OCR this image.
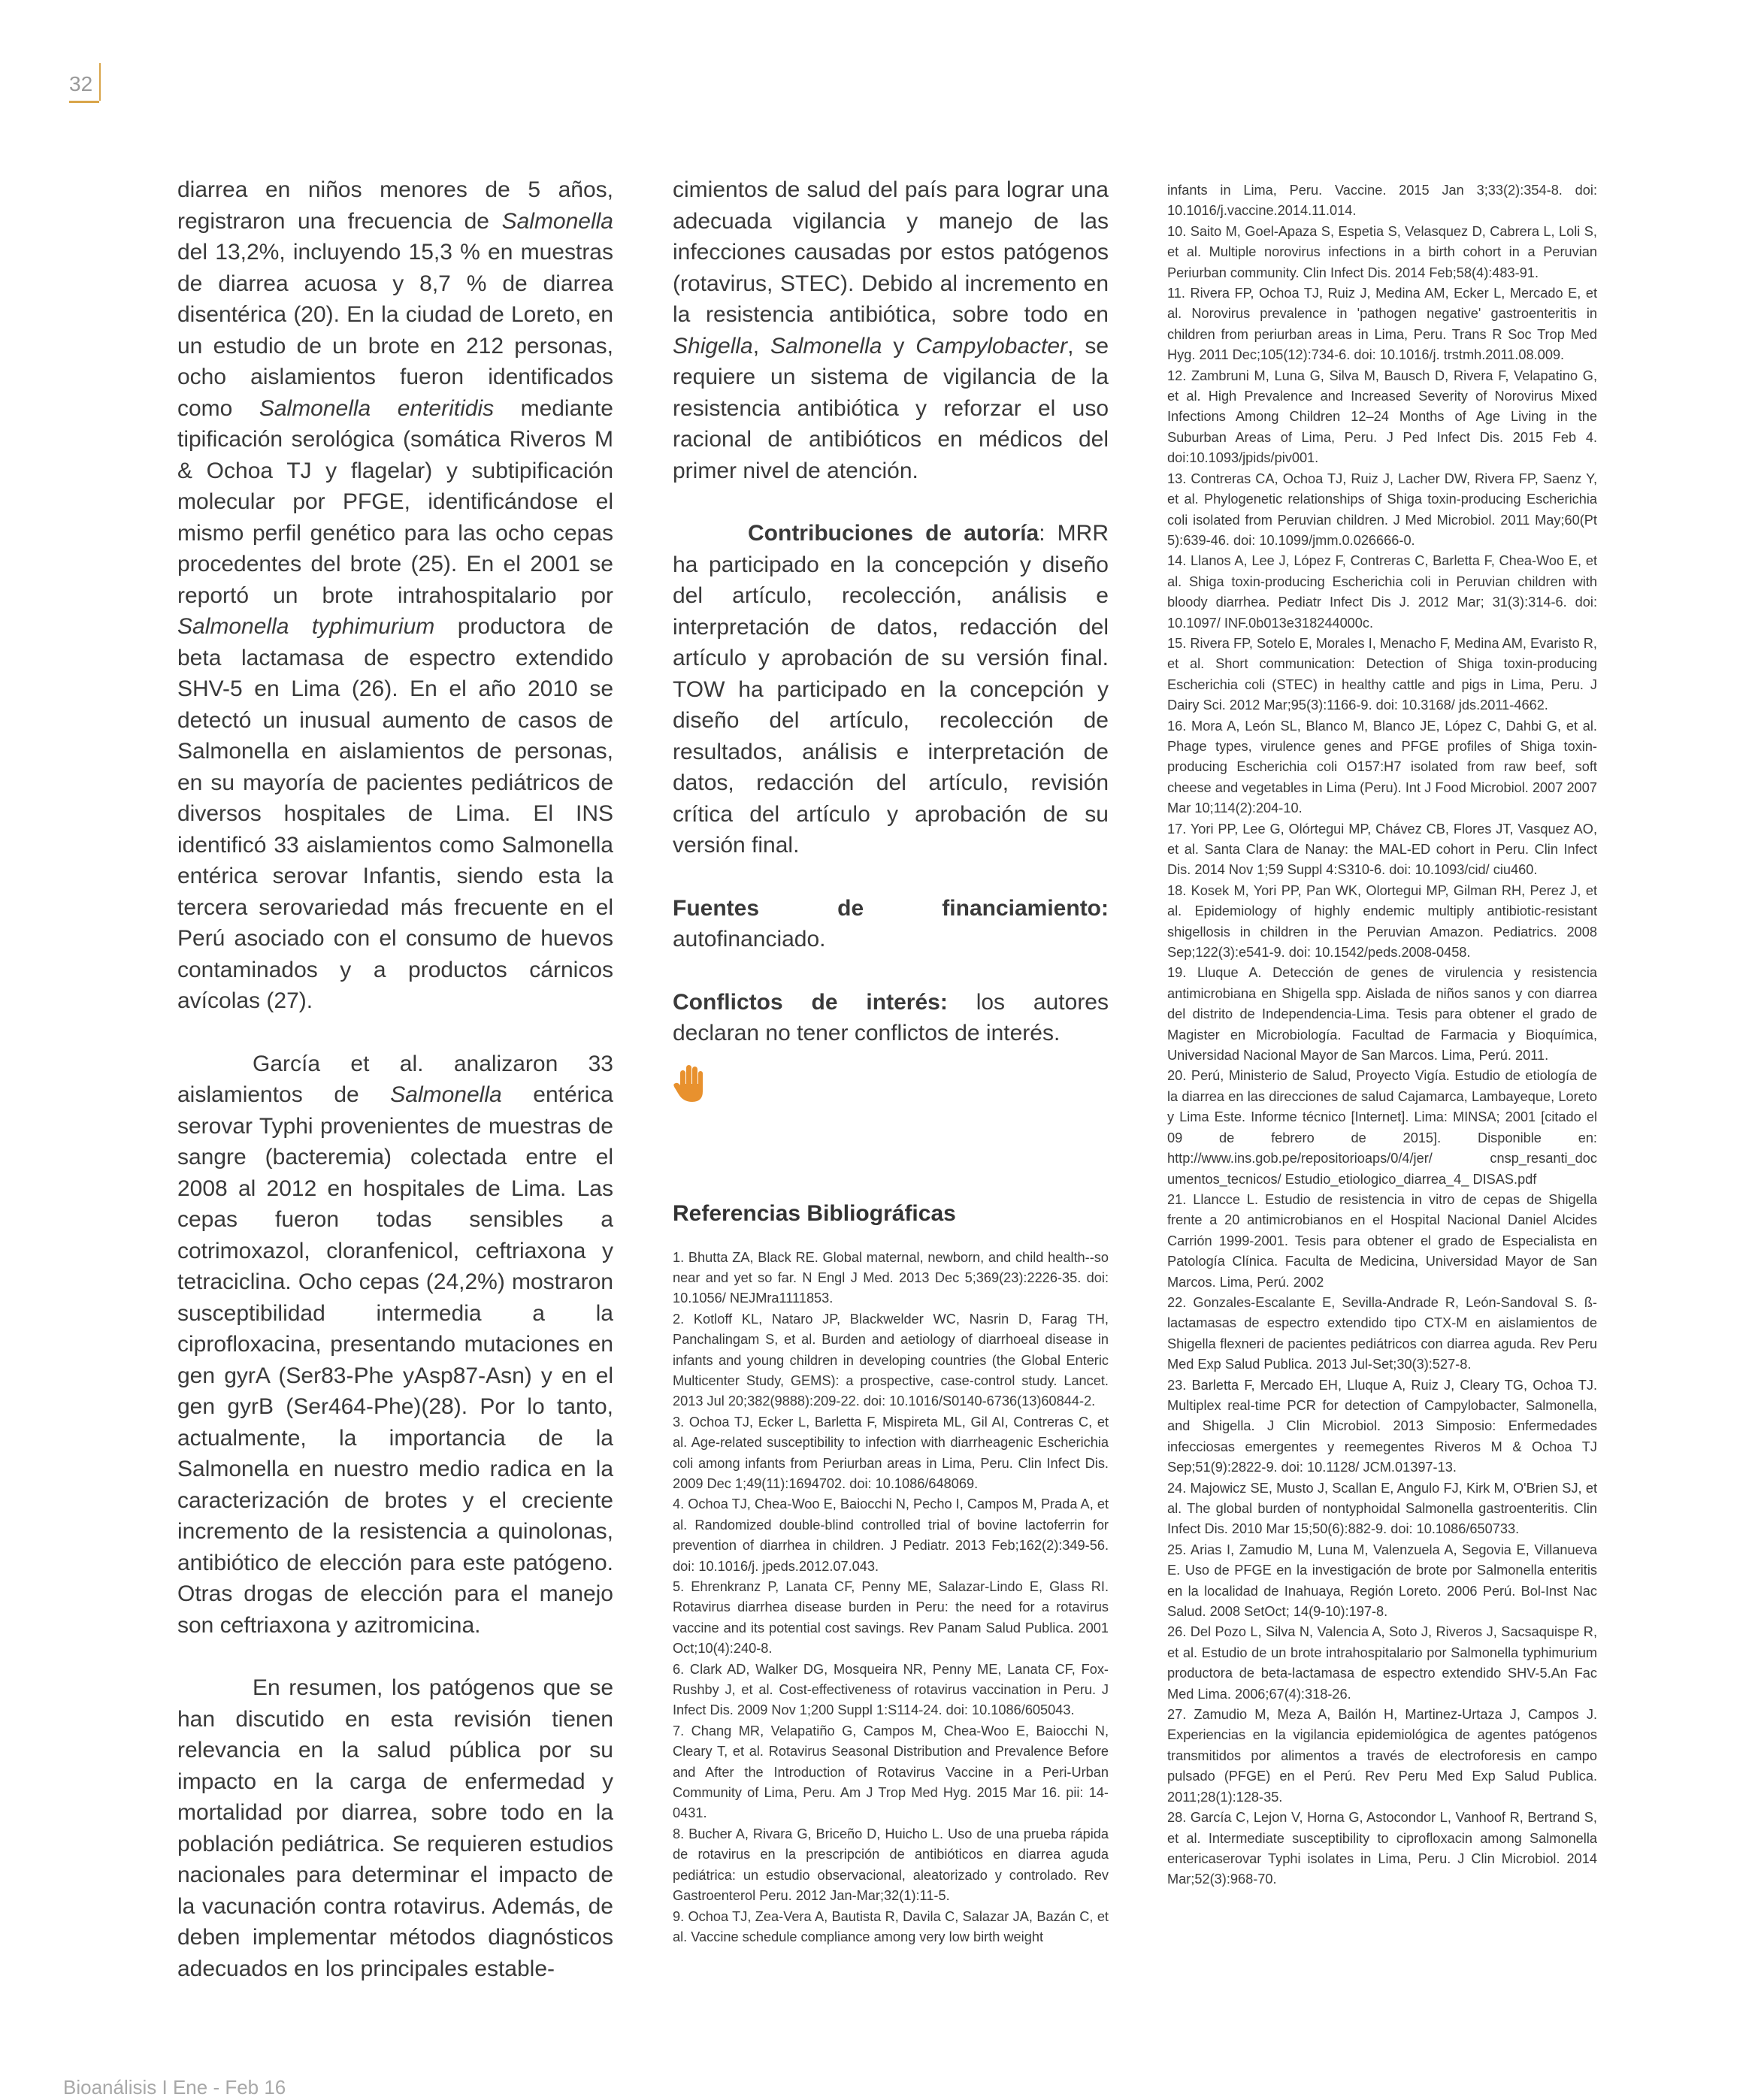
32

diarrea en niños menores de 5 años, registraron una frecuencia de Salmonella del 13,2%, incluyendo 15,3 % en muestras de diarrea acuosa y 8,7 % de diarrea disentérica (20). En la ciudad de Loreto, en un estudio de un brote en 212 personas, ocho aislamientos fueron identificados como Salmonella enteritidis mediante tipificación serológica (somática Riveros M & Ochoa TJ y flagelar) y subtipificación molecular por PFGE, identificándose el mismo perfil genético para las ocho cepas procedentes del brote (25). En el 2001 se reportó un brote intrahospitalario por Salmonella typhimurium productora de beta lactamasa de espectro extendido SHV-5 en Lima (26). En el año 2010 se detectó un inusual aumento de casos de Salmonella en aislamientos de personas, en su mayoría de pacientes pediátricos de diversos hospitales de Lima. El INS identificó 33 aislamientos como Salmonella entérica serovar Infantis, siendo esta la tercera serovariedad más frecuente en el Perú asociado con el consumo de huevos contaminados y a productos cárnicos avícolas (27).

García et al. analizaron 33 aislamientos de Salmonella entérica serovar Typhi provenientes de muestras de sangre (bacteremia) colectada entre el 2008 al 2012 en hospitales de Lima. Las cepas fueron todas sensibles a cotrimoxazol, cloranfenicol, ceftriaxona y tetraciclina. Ocho cepas (24,2%) mostraron susceptibilidad intermedia a la ciprofloxacina, presentando mutaciones en gen gyrA (Ser83-Phe yAsp87-Asn) y en el gen gyrB (Ser464-Phe)(28). Por lo tanto, actualmente, la importancia de la Salmonella en nuestro medio radica en la caracterización de brotes y el creciente incremento de la resistencia a quinolonas, antibiótico de elección para este patógeno. Otras drogas de elección para el manejo son ceftriaxona y azitromicina.

En resumen, los patógenos que se han discutido en esta revisión tienen relevancia en la salud pública por su impacto en la carga de enfermedad y mortalidad por diarrea, sobre todo en la población pediátrica. Se requieren estudios nacionales para determinar el impacto de la vacunación contra rotavirus. Además, de deben implementar métodos diagnósticos adecuados en los principales estable-

cimientos de salud del país para lograr una adecuada vigilancia y manejo de las infecciones causadas por estos patógenos (rotavirus, STEC). Debido al incremento en la resistencia antibiótica, sobre todo en Shigella, Salmonella y Campylobacter, se requiere un sistema de vigilancia de la resistencia antibiótica y reforzar el uso racional de antibióticos en médicos del primer nivel de atención.

Contribuciones de autoría: MRR ha participado en la concepción y diseño del artículo, recolección, análisis e interpretación de datos, redacción del artículo y aprobación de su versión final. TOW ha participado en la concepción y diseño del artículo, recolección de resultados, análisis e interpretación de datos, redacción del artículo, revisión crítica del artículo y aprobación de su versión final.

Fuentes de financiamiento: autofinanciado.

Conflictos de interés: los autores declaran no tener conflictos de interés.

Referencias Bibliográficas

1. Bhutta ZA, Black RE. Global maternal, newborn, and child health--so near and yet so far. N Engl J Med. 2013 Dec 5;369(23):2226-35. doi: 10.1056/ NEJMra1111853.

2. Kotloff KL, Nataro JP, Blackwelder WC, Nasrin D, Farag TH, Panchalingam S, et al. Burden and aetiology of diarrhoeal disease in infants and young children in developing countries (the Global Enteric Multicenter Study, GEMS): a prospective, case-control study. Lancet. 2013 Jul 20;382(9888):209-22. doi: 10.1016/S0140-6736(13)60844-2.

3. Ochoa TJ, Ecker L, Barletta F, Mispireta ML, Gil AI, Contreras C, et al. Age-related susceptibility to infection with diarrheagenic Escherichia coli among infants from Periurban areas in Lima, Peru. Clin Infect Dis. 2009 Dec 1;49(11):1694702. doi: 10.1086/648069.

4. Ochoa TJ, Chea-Woo E, Baiocchi N, Pecho I, Campos M, Prada A, et al. Randomized double-blind controlled trial of bovine lactoferrin for prevention of diarrhea in children. J Pediatr. 2013 Feb;162(2):349-56. doi: 10.1016/j. jpeds.2012.07.043.

5. Ehrenkranz P, Lanata CF, Penny ME, Salazar-Lindo E, Glass RI. Rotavirus diarrhea disease burden in Peru: the need for a rotavirus vaccine and its potential cost savings. Rev Panam Salud Publica. 2001 Oct;10(4):240-8.

6. Clark AD, Walker DG, Mosqueira NR, Penny ME, Lanata CF, Fox-Rushby J, et al. Cost-effectiveness of rotavirus vaccination in Peru. J Infect Dis. 2009 Nov 1;200 Suppl 1:S114-24. doi: 10.1086/605043.

7. Chang MR, Velapatiño G, Campos M, Chea-Woo E, Baiocchi N, Cleary T, et al. Rotavirus Seasonal Distribution and Prevalence Before and After the Introduction of Rotavirus Vaccine in a Peri-Urban Community of Lima, Peru. Am J Trop Med Hyg. 2015 Mar 16. pii: 14-0431.

8. Bucher A, Rivara G, Briceño D, Huicho L. Uso de una prueba rápida de rotavirus en la prescripción de antibióticos en diarrea aguda pediátrica: un estudio observacional, aleatorizado y controlado. Rev Gastroenterol Peru. 2012 Jan-Mar;32(1):11-5.

9. Ochoa TJ, Zea-Vera A, Bautista R, Davila C, Salazar JA, Bazán C, et al. Vaccine schedule compliance among very low birth weight

infants in Lima, Peru. Vaccine. 2015 Jan 3;33(2):354-8. doi: 10.1016/j.vaccine.2014.11.014.

10. Saito M, Goel-Apaza S, Espetia S, Velasquez D, Cabrera L, Loli S, et al. Multiple norovirus infections in a birth cohort in a Peruvian Periurban community. Clin Infect Dis. 2014 Feb;58(4):483-91.

11. Rivera FP, Ochoa TJ, Ruiz J, Medina AM, Ecker L, Mercado E, et al. Norovirus prevalence in 'pathogen negative' gastroenteritis in children from periurban areas in Lima, Peru. Trans R Soc Trop Med Hyg. 2011 Dec;105(12):734-6. doi: 10.1016/j. trstmh.2011.08.009.

12. Zambruni M, Luna G, Silva M, Bausch D, Rivera F, Velapatino G, et al. High Prevalence and Increased Severity of Norovirus Mixed Infections Among Children 12–24 Months of Age Living in the Suburban Areas of Lima, Peru. J Ped Infect Dis. 2015 Feb 4. doi:10.1093/jpids/piv001.

13. Contreras CA, Ochoa TJ, Ruiz J, Lacher DW, Rivera FP, Saenz Y, et al. Phylogenetic relationships of Shiga toxin-producing Escherichia coli isolated from Peruvian children. J Med Microbiol. 2011 May;60(Pt 5):639-46. doi: 10.1099/jmm.0.026666-0.

14. Llanos A, Lee J, López F, Contreras C, Barletta F, Chea-Woo E, et al. Shiga toxin-producing Escherichia coli in Peruvian children with bloody diarrhea. Pediatr Infect Dis J. 2012 Mar; 31(3):314-6. doi: 10.1097/ INF.0b013e318244000c.

15. Rivera FP, Sotelo E, Morales I, Menacho F, Medina AM, Evaristo R, et al. Short communication: Detection of Shiga toxin-producing Escherichia coli (STEC) in healthy cattle and pigs in Lima, Peru. J Dairy Sci. 2012 Mar;95(3):1166-9. doi: 10.3168/ jds.2011-4662.

16. Mora A, León SL, Blanco M, Blanco JE, López C, Dahbi G, et al. Phage types, virulence genes and PFGE profiles of Shiga toxin-producing Escherichia coli O157:H7 isolated from raw beef, soft cheese and vegetables in Lima (Peru). Int J Food Microbiol. 2007 2007 Mar 10;114(2):204-10.

17. Yori PP, Lee G, Olórtegui MP, Chávez CB, Flores JT, Vasquez AO, et al. Santa Clara de Nanay: the MAL-ED cohort in Peru. Clin Infect Dis. 2014 Nov 1;59 Suppl 4:S310-6. doi: 10.1093/cid/ ciu460.

18. Kosek M, Yori PP, Pan WK, Olortegui MP, Gilman RH, Perez J, et al. Epidemiology of highly endemic multiply antibiotic-resistant shigellosis in children in the Peruvian Amazon. Pediatrics. 2008 Sep;122(3):e541-9. doi: 10.1542/peds.2008-0458.

19. Lluque A. Detección de genes de virulencia y resistencia antimicrobiana en Shigella spp. Aislada de niños sanos y con diarrea del distrito de Independencia-Lima. Tesis para obtener el grado de Magister en Microbiología. Facultad de Farmacia y Bioquímica, Universidad Nacional Mayor de San Marcos. Lima, Perú. 2011.

20. Perú, Ministerio de Salud, Proyecto Vigía. Estudio de etiología de la diarrea en las direcciones de salud Cajamarca, Lambayeque, Loreto y Lima Este. Informe técnico [Internet]. Lima: MINSA; 2001 [citado el 09 de febrero de 2015]. Disponible en: http://www.ins.gob.pe/repositorioaps/0/4/jer/ cnsp_resanti_doc umentos_tecnicos/ Estudio_etiologico_diarrea_4_ DISAS.pdf

21. Llancce L. Estudio de resistencia in vitro de cepas de Shigella frente a 20 antimicrobianos en el Hospital Nacional Daniel Alcides Carrión 1999-2001. Tesis para obtener el grado de Especialista en Patología Clínica. Faculta de Medicina, Universidad Mayor de San Marcos. Lima, Perú. 2002

22. Gonzales-Escalante E, Sevilla-Andrade R, León-Sandoval S. ß-lactamasas de espectro extendido tipo CTX-M en aislamientos de Shigella flexneri de pacientes pediátricos con diarrea aguda. Rev Peru Med Exp Salud Publica. 2013 Jul-Set;30(3):527-8.

23. Barletta F, Mercado EH, Lluque A, Ruiz J, Cleary TG, Ochoa TJ. Multiplex real-time PCR for detection of Campylobacter, Salmonella, and Shigella. J Clin Microbiol. 2013 Simposio: Enfermedades infecciosas emergentes y reemegentes Riveros M & Ochoa TJ Sep;51(9):2822-9. doi: 10.1128/ JCM.01397-13.

24. Majowicz SE, Musto J, Scallan E, Angulo FJ, Kirk M, O'Brien SJ, et al. The global burden of nontyphoidal Salmonella gastroenteritis. Clin Infect Dis. 2010 Mar 15;50(6):882-9. doi: 10.1086/650733.

25. Arias I, Zamudio M, Luna M, Valenzuela A, Segovia E, Villanueva E. Uso de PFGE en la investigación de brote por Salmonella enteritis en la localidad de Inahuaya, Región Loreto. 2006 Perú. Bol-Inst Nac Salud. 2008 SetOct; 14(9-10):197-8.

26. Del Pozo L, Silva N, Valencia A, Soto J, Riveros J, Sacsaquispe R, et al. Estudio de un brote intrahospitalario por Salmonella typhimurium productora de beta-lactamasa de espectro extendido SHV-5.An Fac Med Lima. 2006;67(4):318-26.

27. Zamudio M, Meza A, Bailón H, Martinez-Urtaza J, Campos J. Experiencias en la vigilancia epidemiológica de agentes patógenos transmitidos por alimentos a través de electroforesis en campo pulsado (PFGE) en el Perú. Rev Peru Med Exp Salud Publica. 2011;28(1):128-35.

28. García C, Lejon V, Horna G, Astocondor L, Vanhoof R, Bertrand S, et al. Intermediate susceptibility to ciprofloxacin among Salmonella entericaserovar Typhi isolates in Lima, Peru. J Clin Microbiol. 2014 Mar;52(3):968-70.

Bioanálisis I Ene - Feb 16
